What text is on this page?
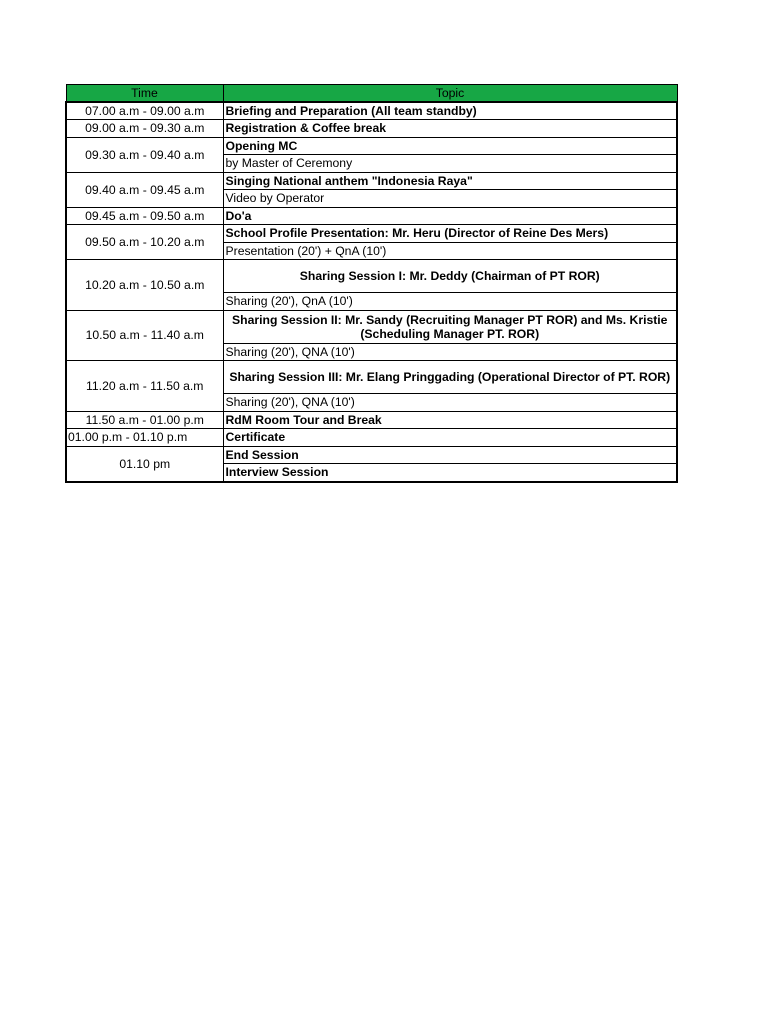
Time	Topic
07.00 a.m - 09.00 a.m	Briefing and Preparation (All team standby)
09.00 a.m - 09.30 a.m	Registration & Coffee break
09.30 a.m - 09.40 a.m	Opening MC
	by Master of Ceremony
09.40 a.m - 09.45 a.m	Singing National anthem "Indonesia Raya"
	Video by Operator
09.45 a.m - 09.50 a.m	Do'a
09.50 a.m - 10.20 a.m	School Profile Presentation: Mr. Heru (Director of Reine Des Mers)
	Presentation (20') + QnA (10')
10.20 a.m - 10.50 a.m	Sharing Session I: Mr. Deddy (Chairman of PT ROR)
	Sharing (20'), QnA (10')
10.50 a.m - 11.40 a.m	Sharing Session II: Mr. Sandy (Recruiting Manager PT ROR) and Ms. Kristie (Scheduling Manager PT. ROR)
	Sharing (20'), QNA (10')
11.20 a.m - 11.50 a.m	Sharing Session III: Mr. Elang Pringgading (Operational Director of PT. ROR)
	Sharing (20'), QNA (10')
11.50 a.m - 01.00 p.m	RdM Room Tour and Break
01.00 p.m - 01.10 p.m	Certificate
01.10 pm	End Session
	Interview Session
